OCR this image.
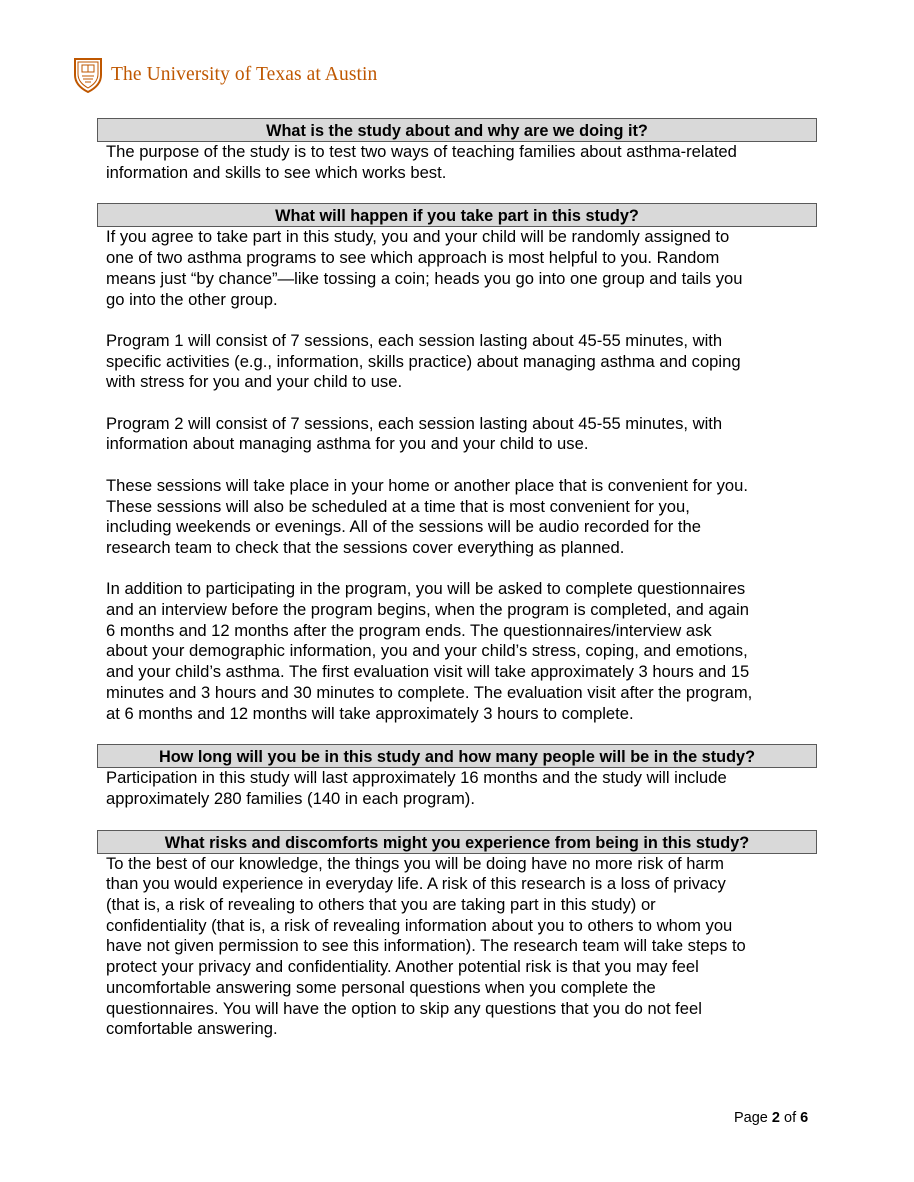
The University of Texas at Austin
What is the study about and why are we doing it?

The purpose of the study is to test two ways of teaching families about asthma-related
information and skills to see which works best.

What will happen if you take part in this study?

If you agree to take part in this study, you and your child will be randomly assigned to
one of two asthma programs to see which approach is most helpful to you. Random
means just “by chance”—like tossing a coin; heads you go into one group and tails you
go into the other group.

Program 1 will consist of 7 sessions, each session lasting about 45-55 minutes, with
specific activities (e.g., information, skills practice) about managing asthma and coping
with stress for you and your child to use.

Program 2 will consist of 7 sessions, each session lasting about 45-55 minutes, with
information about managing asthma for you and your child to use.

These sessions will take place in your home or another place that is convenient for you.
These sessions will also be scheduled at a time that is most convenient for you,
including weekends or evenings. All of the sessions will be audio recorded for the
research team to check that the sessions cover everything as planned.

In addition to participating in the program, you will be asked to complete questionnaires
and an interview before the program begins, when the program is completed, and again
6 months and 12 months after the program ends. The questionnaires/interview ask
about your demographic information, you and your child’s stress, coping, and emotions,
and your child’s asthma. The first evaluation visit will take approximately 3 hours and 15
minutes and 3 hours and 30 minutes to complete. The evaluation visit after the program,
at 6 months and 12 months will take approximately 3 hours to complete.

How long will you be in this study and how many people will be in the study?

Participation in this study will last approximately 16 months and the study will include
approximately 280 families (140 in each program).

What risks and discomforts might you experience from being in this study?

To the best of our knowledge, the things you will be doing have no more risk of harm
than you would experience in everyday life. A risk of this research is a loss of privacy
(that is, a risk of revealing to others that you are taking part in this study) or
confidentiality (that is, a risk of revealing information about you to others to whom you
have not given permission to see this information). The research team will take steps to
protect your privacy and confidentiality. Another potential risk is that you may feel
uncomfortable answering some personal questions when you complete the
questionnaires. You will have the option to skip any questions that you do not feel
comfortable answering.

Page 2 of 6
